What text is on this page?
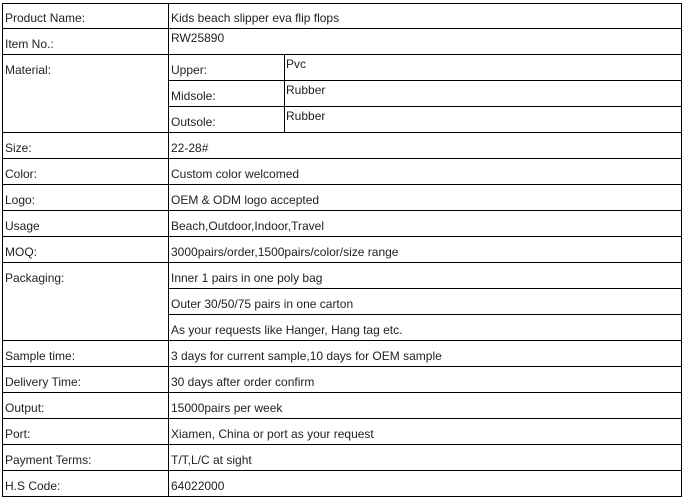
Product Name:	Kids beach slipper eva flip flops
Item No.:	RW25890
Material:	Upper:	Pvc
Midsole:	Rubber
Outsole:	Rubber
Size:	22-28#
Color:	Custom color welcomed
Logo:	OEM & ODM logo accepted
Usage	Beach,Outdoor,Indoor,Travel
MOQ:	3000pairs/order,1500pairs/color/size range
Packaging:	Inner 1 pairs in one poly bag
Outer 30/50/75 pairs in one carton
As your requests like Hanger, Hang tag etc.
Sample time:	3 days for current sample,10 days for OEM sample
Delivery Time:	30 days after order confirm
Output:	15000pairs per week
Port:	Xiamen, China or port as your request
Payment Terms:	T/T,L/C at sight
H.S Code:	64022000
